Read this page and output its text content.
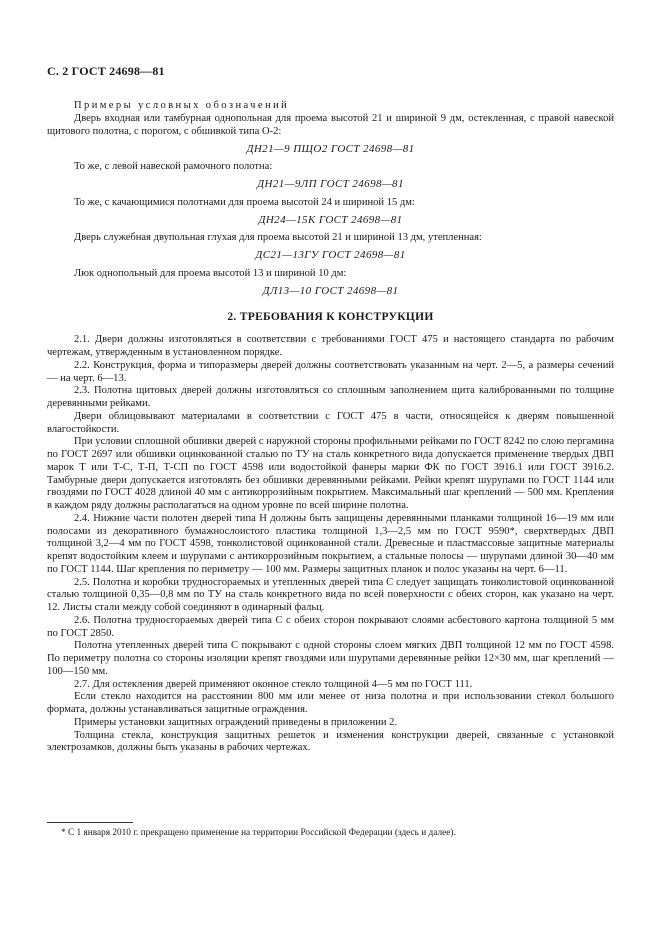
С. 2 ГОСТ 24698—81

Примеры условных обозначений

Дверь входная или тамбурная однопольная для проема высотой 21 и шириной 9 дм, остекленная, с правой навеской щитового полотна, с порогом, с обшивкой типа О-2:

ДН21—9 ПЩО2 ГОСТ 24698—81

То же, с левой навеской рамочного полотна:

ДН21—9ЛП ГОСТ 24698—81

То же, с качающимися полотнами для проема высотой 24 и шириной 15 дм:

ДН24—15К ГОСТ 24698—81

Дверь служебная двупольная глухая для проема высотой 21 и шириной 13 дм, утепленная:

ДС21—13ГУ ГОСТ 24698—81

Люк однопольный для проема высотой 13 и шириной 10 дм:

ДЛ13—10 ГОСТ 24698—81
2. ТРЕБОВАНИЯ К КОНСТРУКЦИИ

2.1. Двери должны изготовляться в соответствии с требованиями ГОСТ 475 и настоящего стандарта по рабочим чертежам, утвержденным в установленном порядке.

2.2. Конструкция, форма и типоразмеры дверей должны соответствовать указанным на черт. 2—5, а размеры сечений — на черт. 6—13.

2.3. Полотна щитовых дверей должны изготовляться со сплошным заполнением щита калиброванными по толщине деревянными рейками.

Двери облицовывают материалами в соответствии с ГОСТ 475 в части, относящейся к дверям повышенной влагостойкости.

При условии сплошной обшивки дверей с наружной стороны профильными рейками по ГОСТ 8242 по слою пергамина по ГОСТ 2697 или обшивки оцинкованной сталью по ТУ на сталь конкретного вида допускается применение твердых ДВП марок Т или Т-С, Т-П, Т-СП по ГОСТ 4598 или водостойкой фанеры марки ФК по ГОСТ 3916.1 или ГОСТ 3916.2. Тамбурные двери допускается изготовлять без обшивки деревянными рейками. Рейки крепят шурупами по ГОСТ 1144 или гвоздями по ГОСТ 4028 длиной 40 мм с антикоррозийным покрытием. Максимальный шаг креплений — 500 мм. Крепления в каждом ряду должны располагаться на одном уровне по всей ширине полотна.

2.4. Нижние части полотен дверей типа Н должны быть защищены деревянными планками толщиной 16—19 мм или полосами из декоративного бумажнослоистого пластика толщиной 1,3—2,5 мм по ГОСТ 9590*, сверхтвердых ДВП толщиной 3,2—4 мм по ГОСТ 4598, тонколистовой оцинкованной стали. Древесные и пластмассовые защитные материалы крепят водостойким клеем и шурупами с антикоррозийным покрытием, а стальные полосы — шурупами длиной 30—40 мм по ГОСТ 1144. Шаг крепления по периметру — 100 мм. Размеры защитных планок и полос указаны на черт. 6—11.

2.5. Полотна и коробки трудносгораемых и утепленных дверей типа С следует защищать тонколистовой оцинкованной сталью толщиной 0,35—0,8 мм по ТУ на сталь конкретного вида по всей поверхности с обеих сторон, как указано на черт. 12. Листы стали между собой соединяют в одинарный фальц.

2.6. Полотна трудносгораемых дверей типа С с обеих сторон покрывают слоями асбестового картона толщиной 5 мм по ГОСТ 2850.

Полотна утепленных дверей типа С покрывают с одной стороны слоем мягких ДВП толщиной 12 мм по ГОСТ 4598. По периметру полотна со стороны изоляции крепят гвоздями или шурупами деревянные рейки 12×30 мм, шаг креплений — 100—150 мм.

2.7. Для остекления дверей применяют оконное стекло толщиной 4—5 мм по ГОСТ 111.

Если стекло находится на расстоянии 800 мм или менее от низа полотна и при использовании стекол большого формата, должны устанавливаться защитные ограждения.

Примеры установки защитных ограждений приведены в приложении 2.

Толщина стекла, конструкция защитных решеток и изменения конструкции дверей, связанные с установкой электрозамков, должны быть указаны в рабочих чертежах.

* С 1 января 2010 г. прекращено применение на территории Российской Федерации (здесь и далее).
